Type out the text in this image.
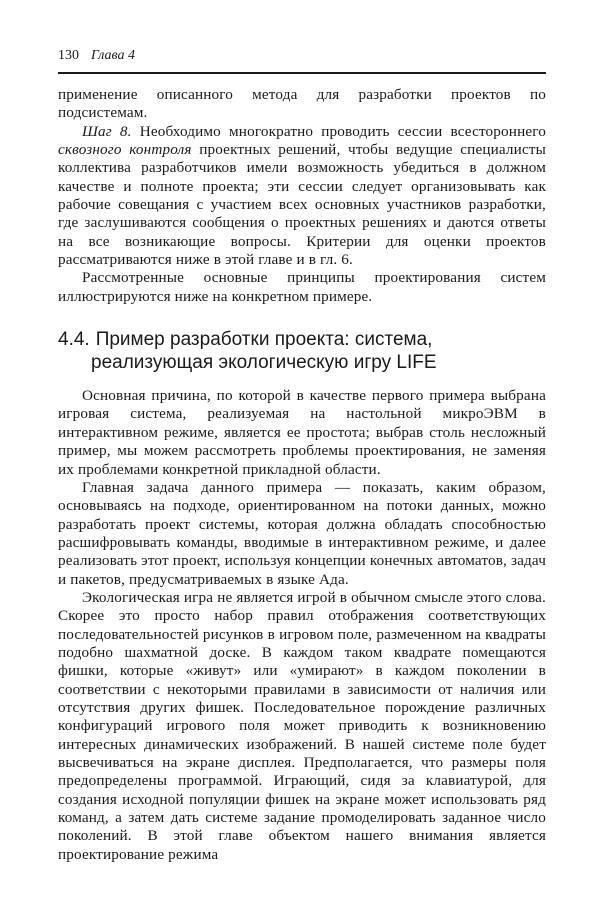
130 Глава 4

применение описанного метода для разработки проектов по подсистемам.

Шаг 8. Необходимо многократно проводить сессии всестороннего сквозного контроля проектных решений, чтобы ведущие специалисты коллектива разработчиков имели возможность убедиться в должном качестве и полноте проекта; эти сессии следует организовывать как рабочие совещания с участием всех основных участников разработки, где заслушиваются сообщения о проектных решениях и даются ответы на все возникающие вопросы. Критерии для оценки проектов рассматриваются ниже в этой главе и в гл. 6.

Рассмотренные основные принципы проектирования систем иллюстрируются ниже на конкретном примере.

4.4. Пример разработки проекта: система,
реализующая экологическую игру LIFE

Основная причина, по которой в качестве первого примера выбрана игровая система, реализуемая на настольной микроЭВМ в интерактивном режиме, является ее простота; выбрав столь несложный пример, мы можем рассмотреть проблемы проектирования, не заменяя их проблемами конкретной прикладной области.

Главная задача данного примера — показать, каким образом, основываясь на подходе, ориентированном на потоки данных, можно разработать проект системы, которая должна обладать способностью расшифровывать команды, вводимые в интерактивном режиме, и далее реализовать этот проект, используя концепции конечных автоматов, задач и пакетов, предусматриваемых в языке Ада.

Экологическая игра не является игрой в обычном смысле этого слова. Скорее это просто набор правил отображения соответствующих последовательностей рисунков в игровом поле, размеченном на квадраты подобно шахматной доске. В каждом таком квадрате помещаются фишки, которые «живут» или «умирают» в каждом поколении в соответствии с некоторыми правилами в зависимости от наличия или отсутствия других фишек. Последовательное порождение различных конфигураций игрового поля может приводить к возникновению интересных динамических изображений. В нашей системе поле будет высвечиваться на экране дисплея. Предполагается, что размеры поля предопределены программой. Играющий, сидя за клавиатурой, для создания исходной популяции фишек на экране может использовать ряд команд, а затем дать системе задание промоделировать заданное число поколений. В этой главе объектом нашего внимания является проектирование режима
